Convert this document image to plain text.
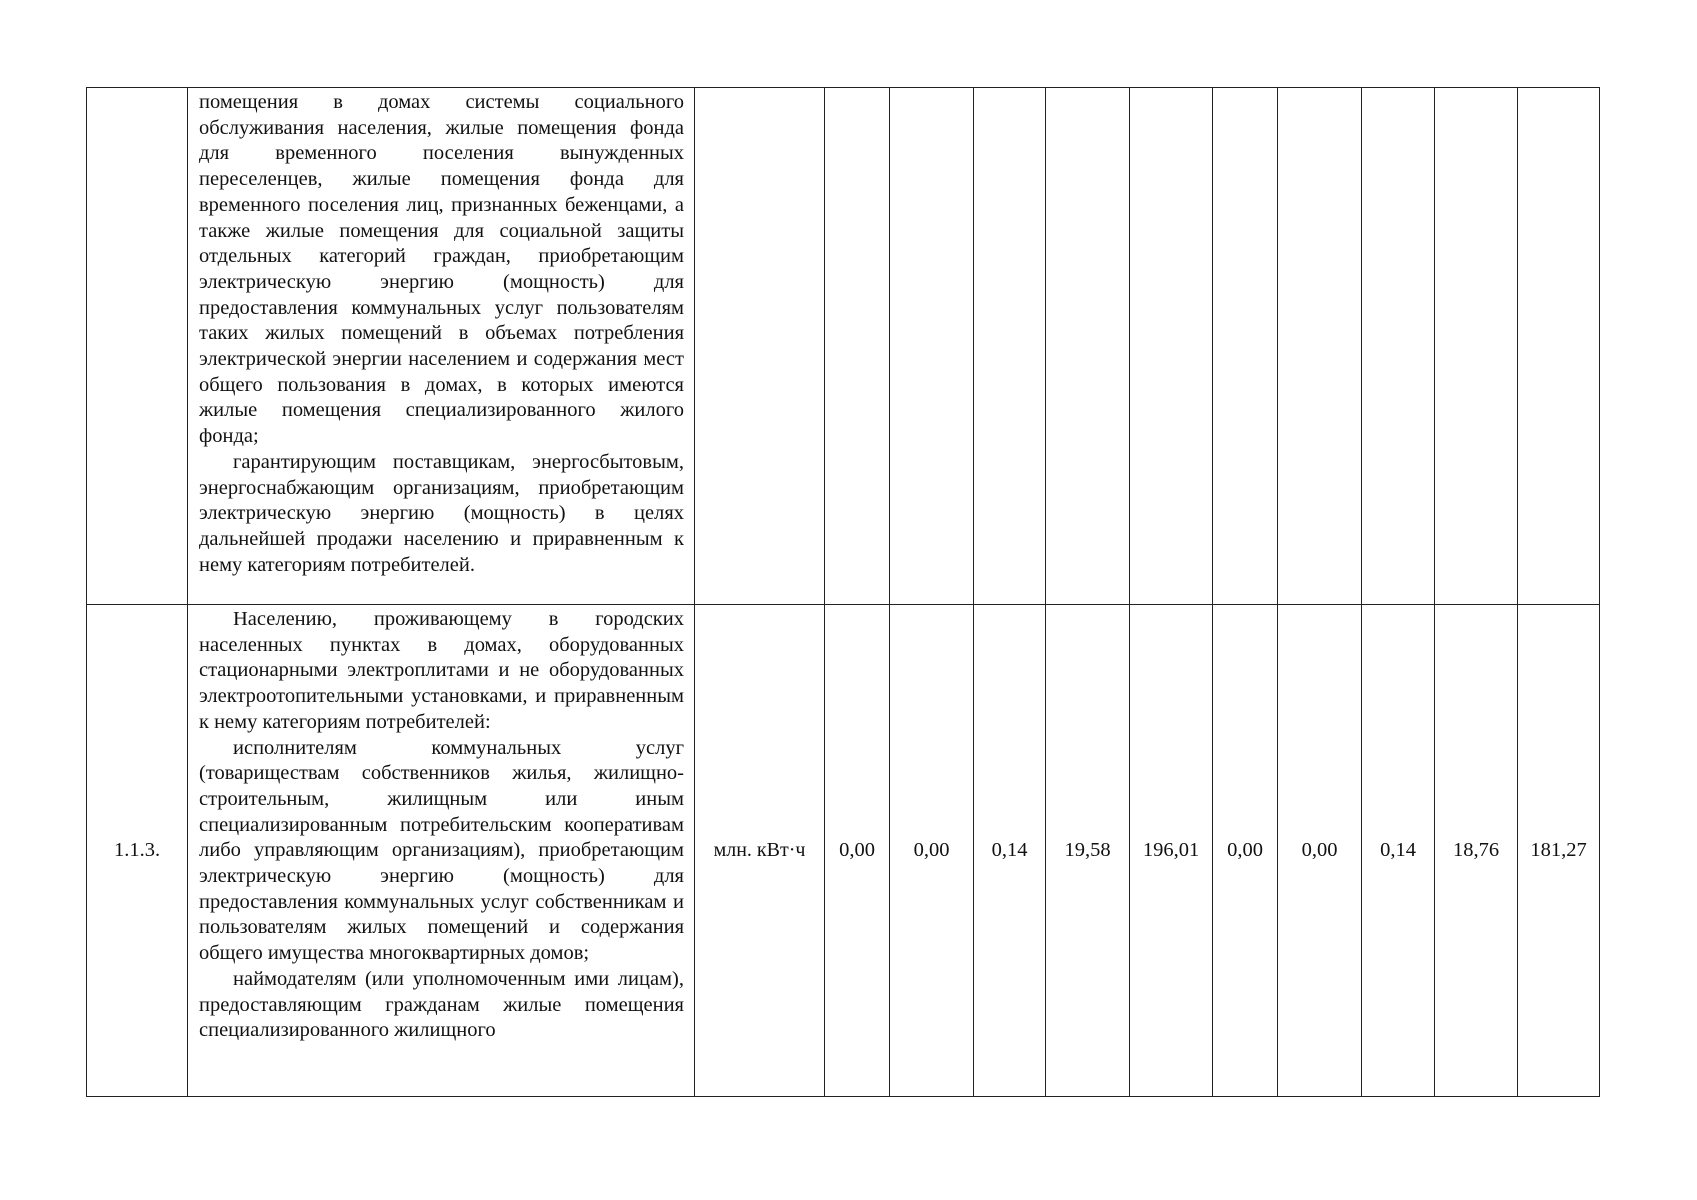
	помещения в домах системы социального обслуживания населения, жилые помещения фонда для временного поселения вынужденных переселенцев, жилые помещения фонда для временного поселения лиц, признанных беженцами, а также жилые помещения для социальной защиты отдельных категорий граждан, приобретающим электрическую энергию (мощность) для предоставления коммунальных услуг пользователям таких жилых помещений в объемах потребления электрической энергии населением и содержания мест общего пользования в домах, в которых имеются жилые помещения специализированного жилого фонда;

гарантирующим поставщикам, энергосбытовым, энергоснабжающим организациям, приобретающим электрическую энергию (мощность) в целях дальнейшей продажи населению и приравненным к нему категориям потребителей.											

1.1.3.	Населению, проживающему в городских населенных пунктах в домах, оборудованных стационарными электроплитами и не оборудованных электроотопительными установками, и приравненным к нему категориям потребителей:

исполнителям коммунальных услуг (товариществам собственников жилья, жилищно-строительным, жилищным или иным специализированным потребительским кооперативам либо управляющим организациям), приобретающим электрическую энергию (мощность) для предоставления коммунальных услуг собственникам и пользователям жилых помещений и содержания общего имущества многоквартирных домов;

наймодателям (или уполномоченным ими лицам), предоставляющим гражданам жилые помещения специализированного жилищного	млн. кВт·ч	0,00	0,00	0,14	19,58	196,01	0,00	0,00	0,14	18,76	181,27
